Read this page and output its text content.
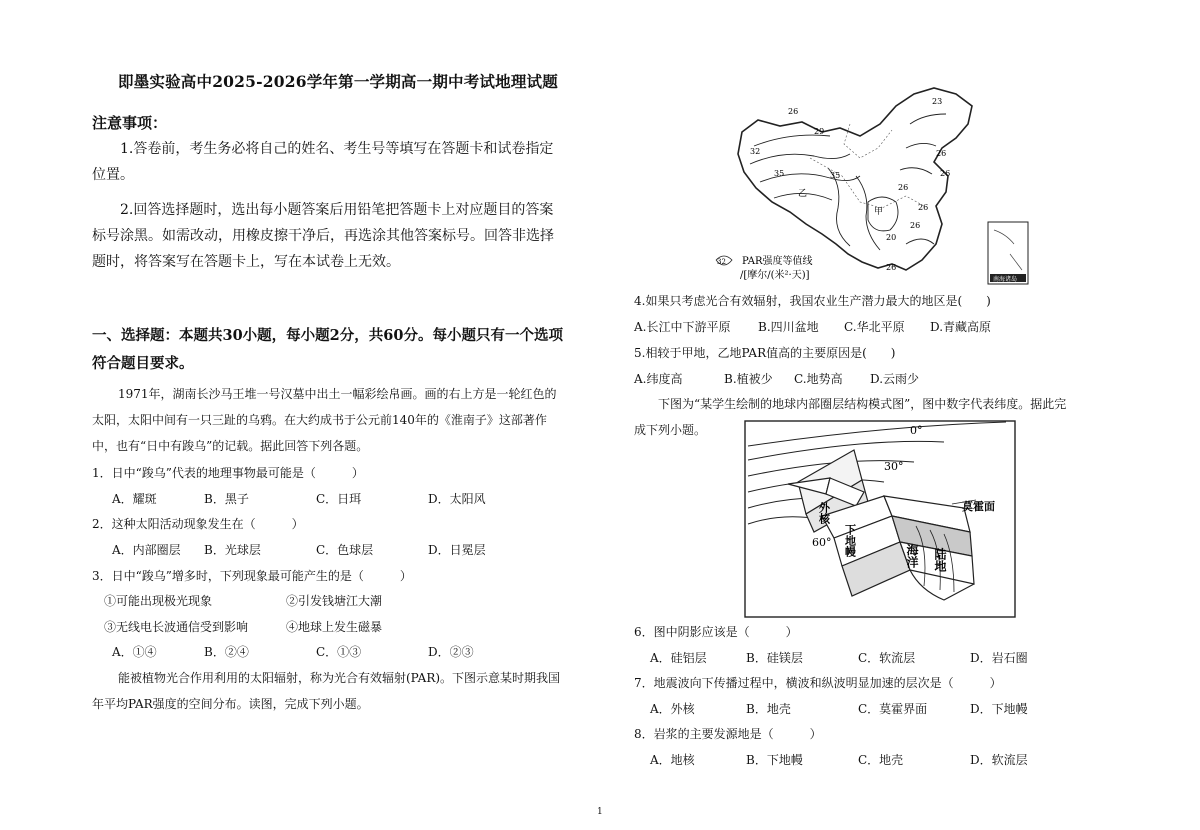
即墨实验高中2025-2026学年第一学期高一期中考试地理试题
注意事项：
1.答卷前，考生务必将自己的姓名、考生号等填写在答题卡和试卷指定
位置。
2.回答选择题时，选出每小题答案后用铅笔把答题卡上对应题目的答案
标号涂黑。如需改动，用橡皮擦干净后，再选涂其他答案标号。回答非选择
题时，将答案写在答题卡上，写在本试卷上无效。
一、选择题：本题共30小题，每小题2分，共60分。每小题只有一个选项
符合题目要求。
1971年，湖南长沙马王堆一号汉墓中出土一幅彩绘帛画。画的右上方是一轮红色的
太阳，太阳中间有一只三趾的乌鸦。在大约成书于公元前140年的《淮南子》这部著作
中，也有“日中有踆乌”的记载。据此回答下列各题。
1．日中“踆乌”代表的地理事物最可能是（　　　）
A．耀斑	B．黑子	C．日珥	D．太阳风
2．这种太阳活动现象发生在（　　　）
A．内部圈层 B．光球层	C．色球层	D．日冕层
3．日中“踆乌”增多时，下列现象最可能产生的是（　　　）
①可能出现极光现象	②引发钱塘江大潮
③无线电长波通信受到影响	④地球上发生磁暴
A．①④	B．②④	C．①③	D．②③
能被植物光合作用利用的太阳辐射，称为光合有效辐射(PAR)。下图示意某时期我国
年平均PAR强度的空间分布。读图，完成下列小题。
26
29
23
32
35	35
26
26
20
26
26
26
26
甲
乙
32 PAR强度等值线
/[摩尔/(米²·天)]	南海诸岛
4.如果只考虑光合有效辐射，我国农业生产潜力最大的地区是(　　)
A.长江中下游平原 B.四川盆地 C.华北平原 D.青藏高原
5.相较于甲地，乙地PAR值高的主要原因是(　　)
A.纬度高	B.植被少 C.地势高 D.云雨少
下图为“某学生绘制的地球内部圈层结构模式图”，图中数字代表纬度。据此完
成下列小题。	0°
30°
60°
莫霍面
外核
下地幔	海洋 陆地
6．图中阴影应该是（　　　）
A．硅铝层	B．硅镁层	C．软流层	D．岩石圈
7．地震波向下传播过程中，横波和纵波明显加速的层次是（　　　）
A．外核	B．地壳	C．莫霍界面	D．下地幔
8．岩浆的主要发源地是（　　　）
A．地核	B．下地幔	C．地壳	D．软流层
1
